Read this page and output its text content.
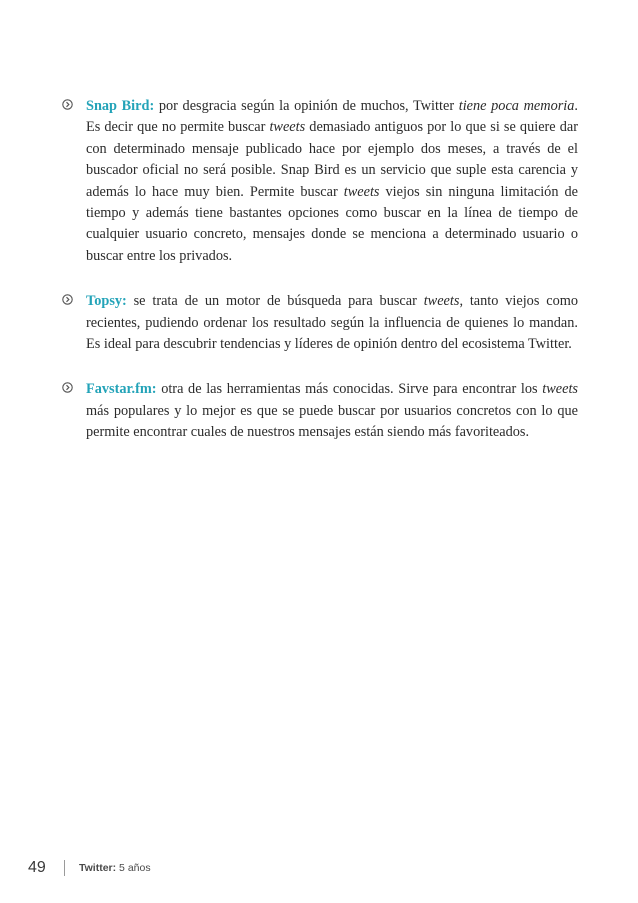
Snap Bird: por desgracia según la opinión de muchos, Twitter tiene poca memoria. Es decir que no permite buscar tweets demasiado antiguos por lo que si se quiere dar con determinado mensaje publicado hace por ejemplo dos meses, a través de el buscador oficial no será posible. Snap Bird es un servicio que suple esta carencia y además lo hace muy bien. Permite buscar tweets viejos sin ninguna limitación de tiempo y además tiene bastantes opciones como buscar en la línea de tiempo de cualquier usuario concreto, mensajes donde se menciona a determinado usuario o buscar entre los privados.
Topsy: se trata de un motor de búsqueda para buscar tweets, tanto viejos como recientes, pudiendo ordenar los resultado según la influencia de quienes lo mandan. Es ideal para descubrir tendencias y líderes de opinión dentro del ecosistema Twitter.
Favstar.fm: otra de las herramientas más conocidas. Sirve para encontrar los tweets más populares y lo mejor es que se puede buscar por usuarios concretos con lo que permite encontrar cuales de nuestros mensajes están siendo más favoriteados.
49	Twitter: 5 años
